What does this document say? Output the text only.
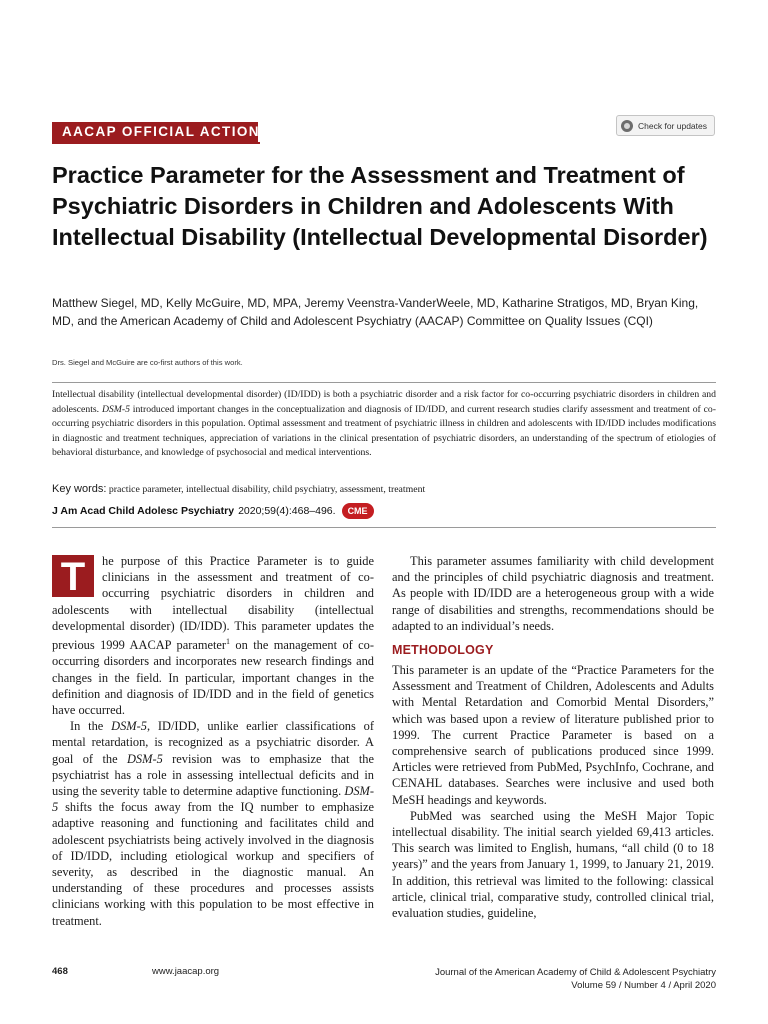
AACAP OFFICIAL ACTION	Check for updates
Practice Parameter for the Assessment and Treatment of Psychiatric Disorders in Children and Adolescents With Intellectual Disability (Intellectual Developmental Disorder)

Matthew Siegel, MD, Kelly McGuire, MD, MPA, Jeremy Veenstra-VanderWeele, MD, Katharine Stratigos, MD, Bryan King, MD, and the American Academy of Child and Adolescent Psychiatry (AACAP) Committee on Quality Issues (CQI)

Drs. Siegel and McGuire are co-first authors of this work.

Intellectual disability (intellectual developmental disorder) (ID/IDD) is both a psychiatric disorder and a risk factor for co-occurring psychiatric disorders in children and adolescents. DSM-5 introduced important changes in the conceptualization and diagnosis of ID/IDD, and current research studies clarify assessment and treatment of co-occurring psychiatric disorders in this population. Optimal assessment and treatment of psychiatric illness in children and adolescents with ID/IDD includes modifications in diagnostic and treatment techniques, appreciation of variations in the clinical presentation of psychiatric disorders, an understanding of the spectrum of etiologies of behavioral disturbance, and knowledge of psychosocial and medical interventions.

Key words: practice parameter, intellectual disability, child psychiatry, assessment, treatment

J Am Acad Child Adolesc Psychiatry 2020;59(4):468–496.	CME

T	he purpose of this Practice Parameter is to guide clinicians in the assessment and treatment of co-occurring psychiatric disorders in children and adolescents with intellectual disability (intellectual developmental disorder) (ID/IDD). This parameter updates the previous 1999 AACAP parameter$^1$ on the management of co-occurring disorders and incorporates new research findings and changes in the field. In particular, important changes in the definition and diagnosis of ID/IDD and in the field of genetics have occurred.

In the DSM-5, ID/IDD, unlike earlier classifications of mental retardation, is recognized as a psychiatric disorder. A goal of the DSM-5 revision was to emphasize that the psychiatrist has a role in assessing intellectual deficits and in using the severity table to determine adaptive functioning. DSM-5 shifts the focus away from the IQ number to emphasize adaptive reasoning and functioning and facilitates child and adolescent psychiatrists being actively involved in the diagnosis of ID/IDD, including etiological workup and specifiers of severity, as described in the diagnostic manual. An understanding of these procedures and processes assists clinicians working with this population to be most effective in treatment.

This parameter assumes familiarity with child development and the principles of child psychiatric diagnosis and treatment. As people with ID/IDD are a heterogeneous group with a wide range of disabilities and strengths, recommendations should be adapted to an individual’s needs.

METHODOLOGY

This parameter is an update of the “Practice Parameters for the Assessment and Treatment of Children, Adolescents and Adults with Mental Retardation and Comorbid Mental Disorders,” which was based upon a review of literature published prior to 1999. The current Practice Parameter is based on a comprehensive search of publications produced since 1999. Articles were retrieved from PubMed, PsychInfo, Cochrane, and CENAHL databases. Searches were inclusive and used both MeSH headings and keywords.

PubMed was searched using the MeSH Major Topic intellectual disability. The initial search yielded 69,413 articles. This search was limited to English, humans, “all child (0 to 18 years)” and the years from January 1, 1999, to January 21, 2019. In addition, this retrieval was limited to the following: classical article, clinical trial, comparative study, controlled clinical trial, evaluation studies, guideline,

468	www.jaacap.org	Journal of the American Academy of Child & Adolescent Psychiatry
Volume 59 / Number 4 / April 2020
